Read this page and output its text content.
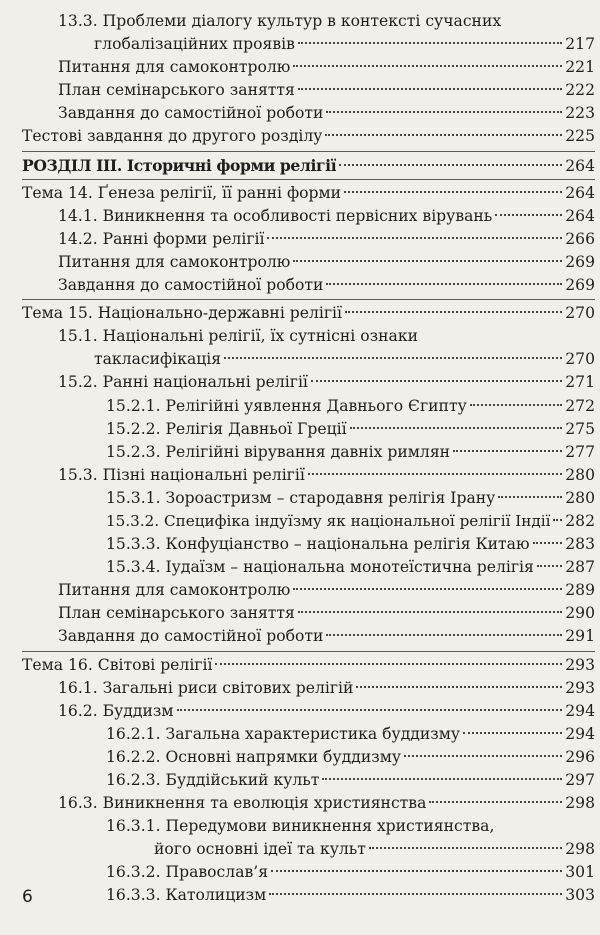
13.3. Проблеми діалогу культур в контексті сучасних
глобалізаційних проявів	217
Питання для самоконтролю	221
План семінарського заняття	222
Завдання до самостійної роботи	223
Тестові завдання до другого розділу	225
РОЗДІЛ ІІІ. Історичні форми релігії	264
Тема 14. Ґенеза релігії, її ранні форми	264
14.1. Виникнення та особливості первісних вірувань	264
14.2. Ранні форми релігії	266
Питання для самоконтролю	269
Завдання до самостійної роботи	269
Тема 15. Національно-державні релігії	270
15.1. Національні релігії, їх сутнісні ознаки
такласифікація	270
15.2. Ранні національні релігії	271
15.2.1. Релігійні уявлення Давнього Єгипту	272
15.2.2. Релігія Давньої Греції	275
15.2.3. Релігійні вірування давніх римлян	277
15.3. Пізні національні релігії	280
15.3.1. Зороастризм – стародавня релігія Ірану	280
15.3.2. Специфіка індуїзму як національної релігії Індії 282
15.3.3. Конфуціанство – національна релігія Китаю 283
15.3.4. Іудаїзм – національна монотеїстична релігія 287
Питання для самоконтролю	289
План семінарського заняття	290
Завдання до самостійної роботи	291
Тема 16. Світові релігії	293
16.1. Загальні риси світових релігій	293
16.2. Буддизм	294
16.2.1. Загальна характеристика буддизму	294
16.2.2. Основні напрямки буддизму	296
16.2.3. Буддійський культ	297
16.3. Виникнення та еволюція християнства	298
16.3.1. Передумови виникнення християнства,
його основні ідеї та культ	298
16.3.2. Православ’я	301
16.3.3. Католицизм	303
6
